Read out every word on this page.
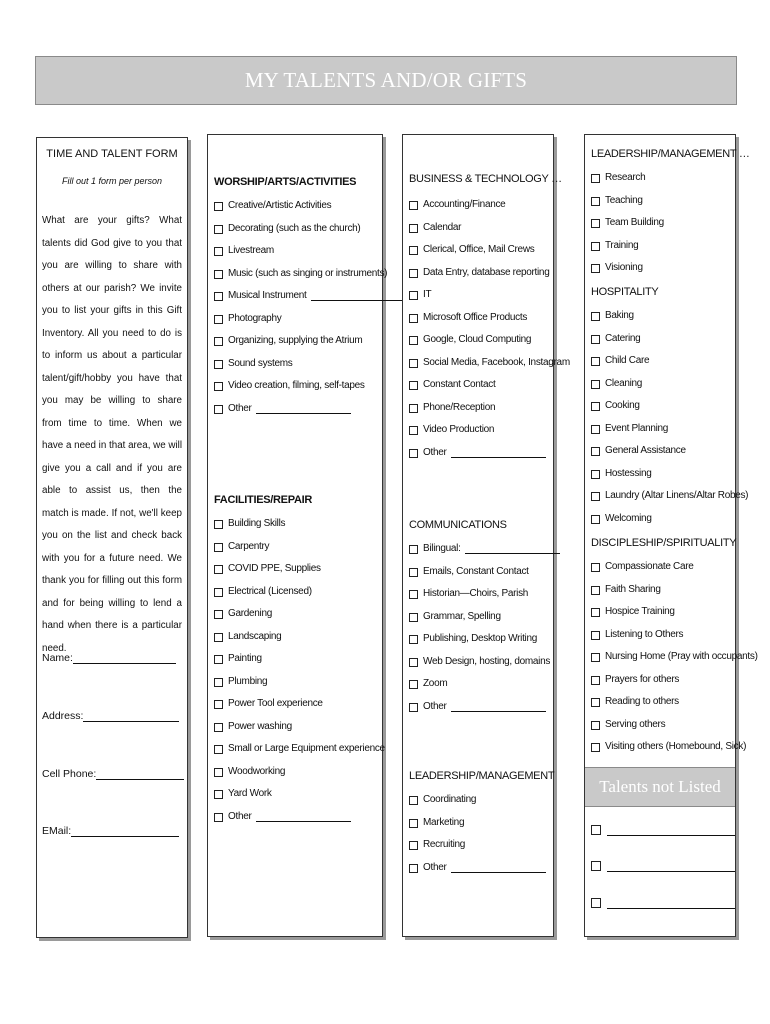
MY TALENTS AND/OR GIFTS
TIME AND TALENT FORM
Fill out 1 form per person
What are your gifts? What talents did God give to you that you are willing to share with others at our parish? We invite you to list your gifts in this Gift Inventory. All you need to do is to inform us about a particular talent/gift/hobby you have that you may be willing to share from time to time. When we have a need in that area, we will give you a call and if you are able to assist us, then the match is made. If not, we'll keep you on the list and check back with you for a future need. We thank you for filling out this form and for being willing to lend a hand when there is a particular need.
Name:
Address:
Cell Phone:
EMail:
WORSHIP/ARTS/ACTIVITIES
Creative/Artistic Activities
Decorating (such as the church)
Livestream
Music (such as singing or instruments)
Musical Instrument
Photography
Organizing, supplying the Atrium
Sound systems
Video creation, filming, self-tapes
Other
FACILITIES/REPAIR
Building Skills
Carpentry
COVID PPE, Supplies
Electrical (Licensed)
Gardening
Landscaping
Painting
Plumbing
Power Tool experience
Power washing
Small or Large Equipment experience
Woodworking
Yard Work
Other
BUSINESS & TECHNOLOGY …
Accounting/Finance
Calendar
Clerical, Office, Mail Crews
Data Entry, database reporting
IT
Microsoft Office Products
Google, Cloud Computing
Social Media, Facebook, Instagram
Constant Contact
Phone/Reception
Video Production
Other
COMMUNICATIONS
Bilingual:
Emails, Constant Contact
Historian—Choirs, Parish
Grammar, Spelling
Publishing, Desktop Writing
Web Design, hosting, domains
Zoom
Other
LEADERSHIP/MANAGEMENT
Coordinating
Marketing
Recruiting
Other
LEADERSHIP/MANAGEMENT …
Research
Teaching
Team Building
Training
Visioning
HOSPITALITY
Baking
Catering
Child Care
Cleaning
Cooking
Event Planning
General Assistance
Hostessing
Laundry (Altar Linens/Altar Robes)
Welcoming
DISCIPLESHIP/SPIRITUALITY
Compassionate Care
Faith Sharing
Hospice Training
Listening to Others
Nursing Home (Pray with occupants)
Prayers for others
Reading to others
Serving others
Visiting others (Homebound, Sick)
Talents not Listed
